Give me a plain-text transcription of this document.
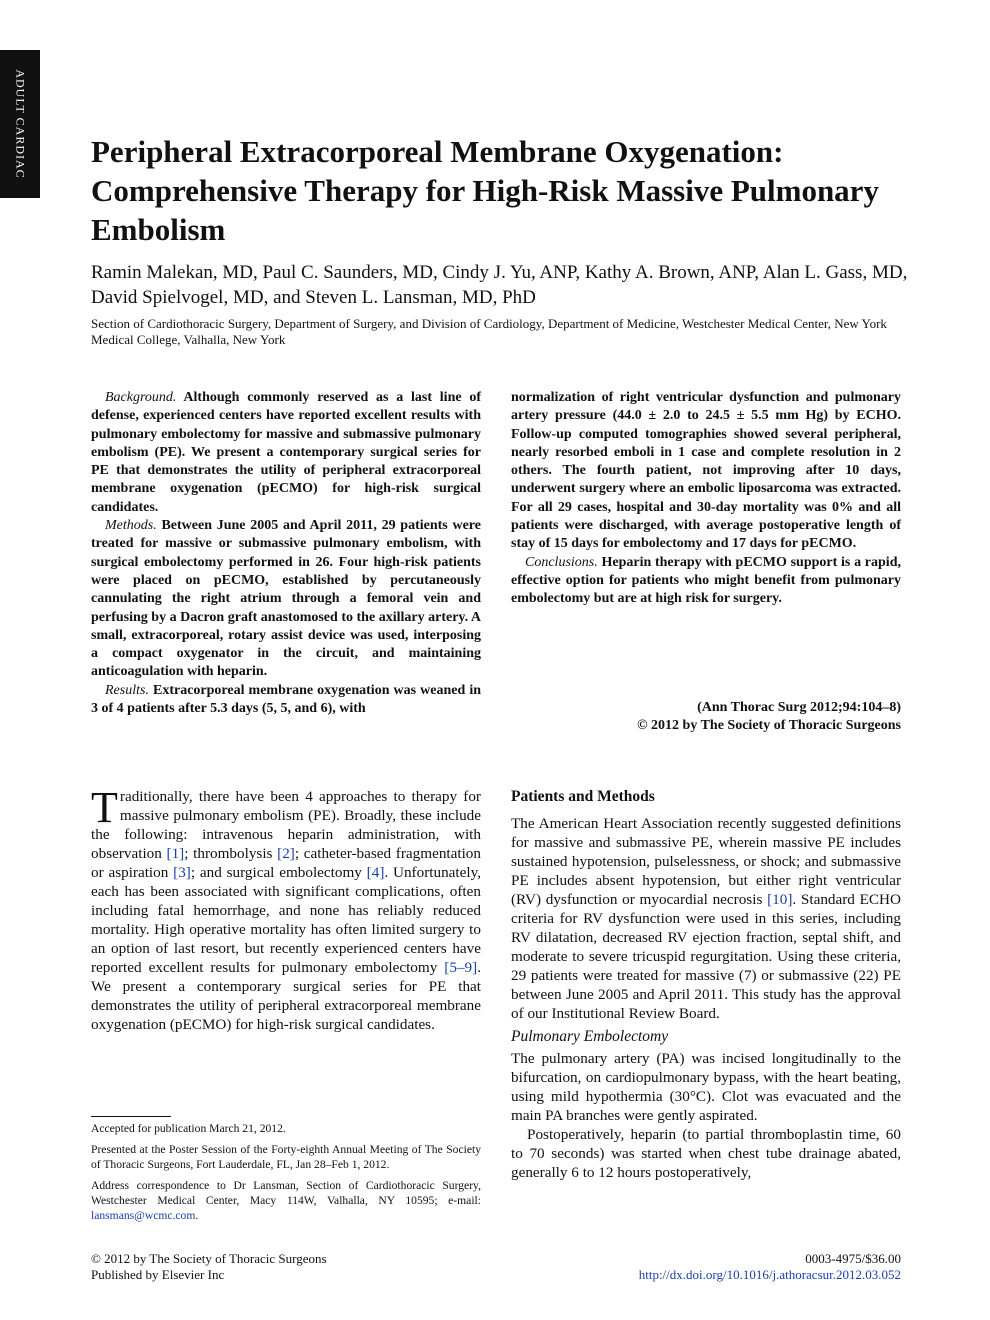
ADULT CARDIAC Peripheral Extracorporeal Membrane Oxygenation: Comprehensive Therapy for High-Risk Massive Pulmonary Embolism

Ramin Malekan, MD, Paul C. Saunders, MD, Cindy J. Yu, ANP, Kathy A. Brown, ANP, Alan L. Gass, MD, David Spielvogel, MD, and Steven L. Lansman, MD, PhD

Section of Cardiothoracic Surgery, Department of Surgery, and Division of Cardiology, Department of Medicine, Westchester Medical Center, New York Medical College, Valhalla, New York

Background. Although commonly reserved as a last line of defense, experienced centers have reported excellent results with pulmonary embolectomy for massive and submassive pulmonary embolism (PE). We present a contemporary surgical series for PE that demonstrates the utility of peripheral extracorporeal membrane oxygenation (pECMO) for high-risk surgical candidates.

Methods. Between June 2005 and April 2011, 29 patients were treated for massive or submassive pulmonary embolism, with surgical embolectomy performed in 26. Four high-risk patients were placed on pECMO, established by percutaneously cannulating the right atrium through a femoral vein and perfusing by a Dacron graft anastomosed to the axillary artery. A small, extracorporeal, rotary assist device was used, interposing a compact oxygenator in the circuit, and maintaining anticoagulation with heparin.

Results. Extracorporeal membrane oxygenation was weaned in 3 of 4 patients after 5.3 days (5, 5, and 6), with

normalization of right ventricular dysfunction and pulmonary artery pressure (44.0 ± 2.0 to 24.5 ± 5.5 mm Hg) by ECHO. Follow-up computed tomographies showed several peripheral, nearly resorbed emboli in 1 case and complete resolution in 2 others. The fourth patient, not improving after 10 days, underwent surgery where an embolic liposarcoma was extracted. For all 29 cases, hospital and 30-day mortality was 0% and all patients were discharged, with average postoperative length of stay of 15 days for embolectomy and 17 days for pECMO.

Conclusions. Heparin therapy with pECMO support is a rapid, effective option for patients who might benefit from pulmonary embolectomy but are at high risk for surgery.

(Ann Thorac Surg 2012;94:104–8)
© 2012 by The Society of Thoracic Surgeons

Traditionally, there have been 4 approaches to therapy for massive pulmonary embolism (PE). Broadly, these include the following: intravenous heparin administration, with observation [1]; thrombolysis [2]; catheter-based fragmentation or aspiration [3]; and surgical embolectomy [4]. Unfortunately, each has been associated with significant complications, often including fatal hemorrhage, and none has reliably reduced mortality. High operative mortality has often limited surgery to an option of last resort, but recently experienced centers have reported excellent results for pulmonary embolectomy [5–9]. We present a contemporary surgical series for PE that demonstrates the utility of peripheral extracorporeal membrane oxygenation (pECMO) for high-risk surgical candidates.

Accepted for publication March 21, 2012.

Presented at the Poster Session of the Forty-eighth Annual Meeting of The Society of Thoracic Surgeons, Fort Lauderdale, FL, Jan 28–Feb 1, 2012.

Address correspondence to Dr Lansman, Section of Cardiothoracic Surgery, Westchester Medical Center, Macy 114W, Valhalla, NY 10595; e-mail: lansmans@wcmc.com.

Patients and Methods

The American Heart Association recently suggested definitions for massive and submassive PE, wherein massive PE includes sustained hypotension, pulselessness, or shock; and submassive PE includes absent hypotension, but either right ventricular (RV) dysfunction or myocardial necrosis [10]. Standard ECHO criteria for RV dysfunction were used in this series, including RV dilatation, decreased RV ejection fraction, septal shift, and moderate to severe tricuspid regurgitation. Using these criteria, 29 patients were treated for massive (7) or submassive (22) PE between June 2005 and April 2011. This study has the approval of our Institutional Review Board.

Pulmonary Embolectomy

The pulmonary artery (PA) was incised longitudinally to the bifurcation, on cardiopulmonary bypass, with the heart beating, using mild hypothermia (30°C). Clot was evacuated and the main PA branches were gently aspirated.

Postoperatively, heparin (to partial thromboplastin time, 60 to 70 seconds) was started when chest tube drainage abated, generally 6 to 12 hours postoperatively,

© 2012 by The Society of Thoracic Surgeons
Published by Elsevier Inc
0003-4975/$36.00
http://dx.doi.org/10.1016/j.athoracsur.2012.03.052
